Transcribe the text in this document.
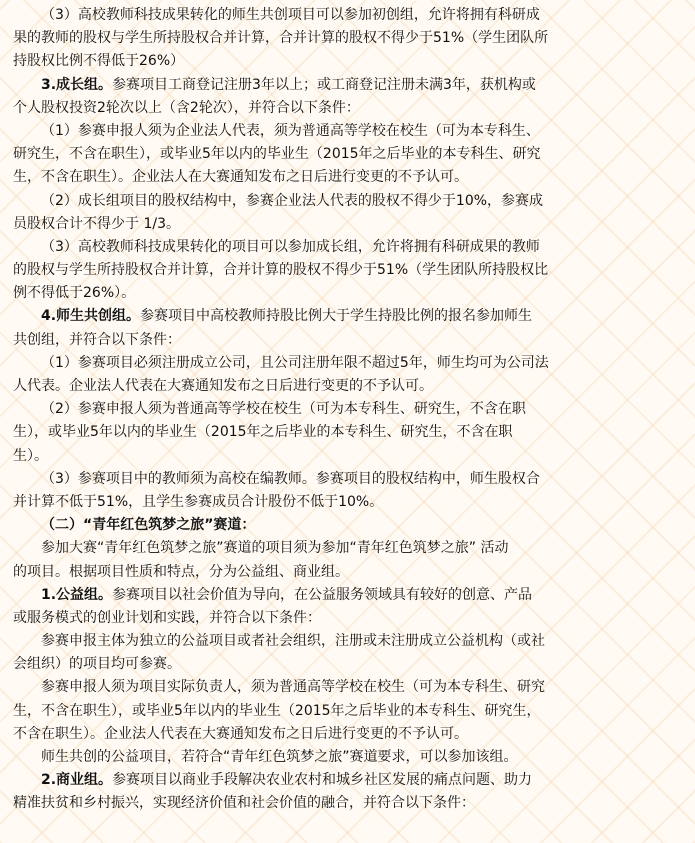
（3）高校教师科技成果转化的师生共创项目可以参加初创组，允许将拥有科研成
果的教师的股权与学生所持股权合并计算，合并计算的股权不得少于51%（学生团队所
持股权比例不得低于26%）
3.成长组。参赛项目工商登记注册3年以上；或工商登记注册未满3年，获机构或
个人股权投资2轮次以上（含2轮次），并符合以下条件：
（1）参赛申报人须为企业法人代表，须为普通高等学校在校生（可为本专科生、
研究生，不含在职生），或毕业5年以内的毕业生（2015年之后毕业的本专科生、研究
生，不含在职生）。企业法人在大赛通知发布之日后进行变更的不予认可。
（2）成长组项目的股权结构中，参赛企业法人代表的股权不得少于10%，参赛成
员股权合计不得少于 1/3。
（3）高校教师科技成果转化的项目可以参加成长组，允许将拥有科研成果的教师
的股权与学生所持股权合并计算，合并计算的股权不得少于51%（学生团队所持股权比
例不得低于26%）。
4.师生共创组。参赛项目中高校教师持股比例大于学生持股比例的报名参加师生
共创组，并符合以下条件：
（1）参赛项目必须注册成立公司，且公司注册年限不超过5年，师生均可为公司法
人代表。企业法人代表在大赛通知发布之日后进行变更的不予认可。
（2）参赛申报人须为普通高等学校在校生（可为本专科生、研究生，不含在职
生），或毕业5年以内的毕业生（2015年之后毕业的本专科生、研究生，不含在职
生）。
（3）参赛项目中的教师须为高校在编教师。参赛项目的股权结构中，师生股权合
并计算不低于51%，且学生参赛成员合计股份不低于10%。
（二）“青年红色筑梦之旅”赛道：
参加大赛“青年红色筑梦之旅”赛道的项目须为参加“青年红色筑梦之旅” 活动
的项目。根据项目性质和特点，分为公益组、商业组。
1.公益组。参赛项目以社会价值为导向，在公益服务领域具有较好的创意、产品
或服务模式的创业计划和实践，并符合以下条件：
参赛申报主体为独立的公益项目或者社会组织，注册或未注册成立公益机构（或社
会组织）的项目均可参赛。
参赛申报人须为项目实际负责人，须为普通高等学校在校生（可为本专科生、研究
生，不含在职生），或毕业5年以内的毕业生（2015年之后毕业的本专科生、研究生，
不含在职生）。企业法人代表在大赛通知发布之日后进行变更的不予认可。
师生共创的公益项目，若符合“青年红色筑梦之旅”赛道要求，可以参加该组。
2.商业组。参赛项目以商业手段解决农业农村和城乡社区发展的痛点问题、助力
精准扶贫和乡村振兴，实现经济价值和社会价值的融合，并符合以下条件：
